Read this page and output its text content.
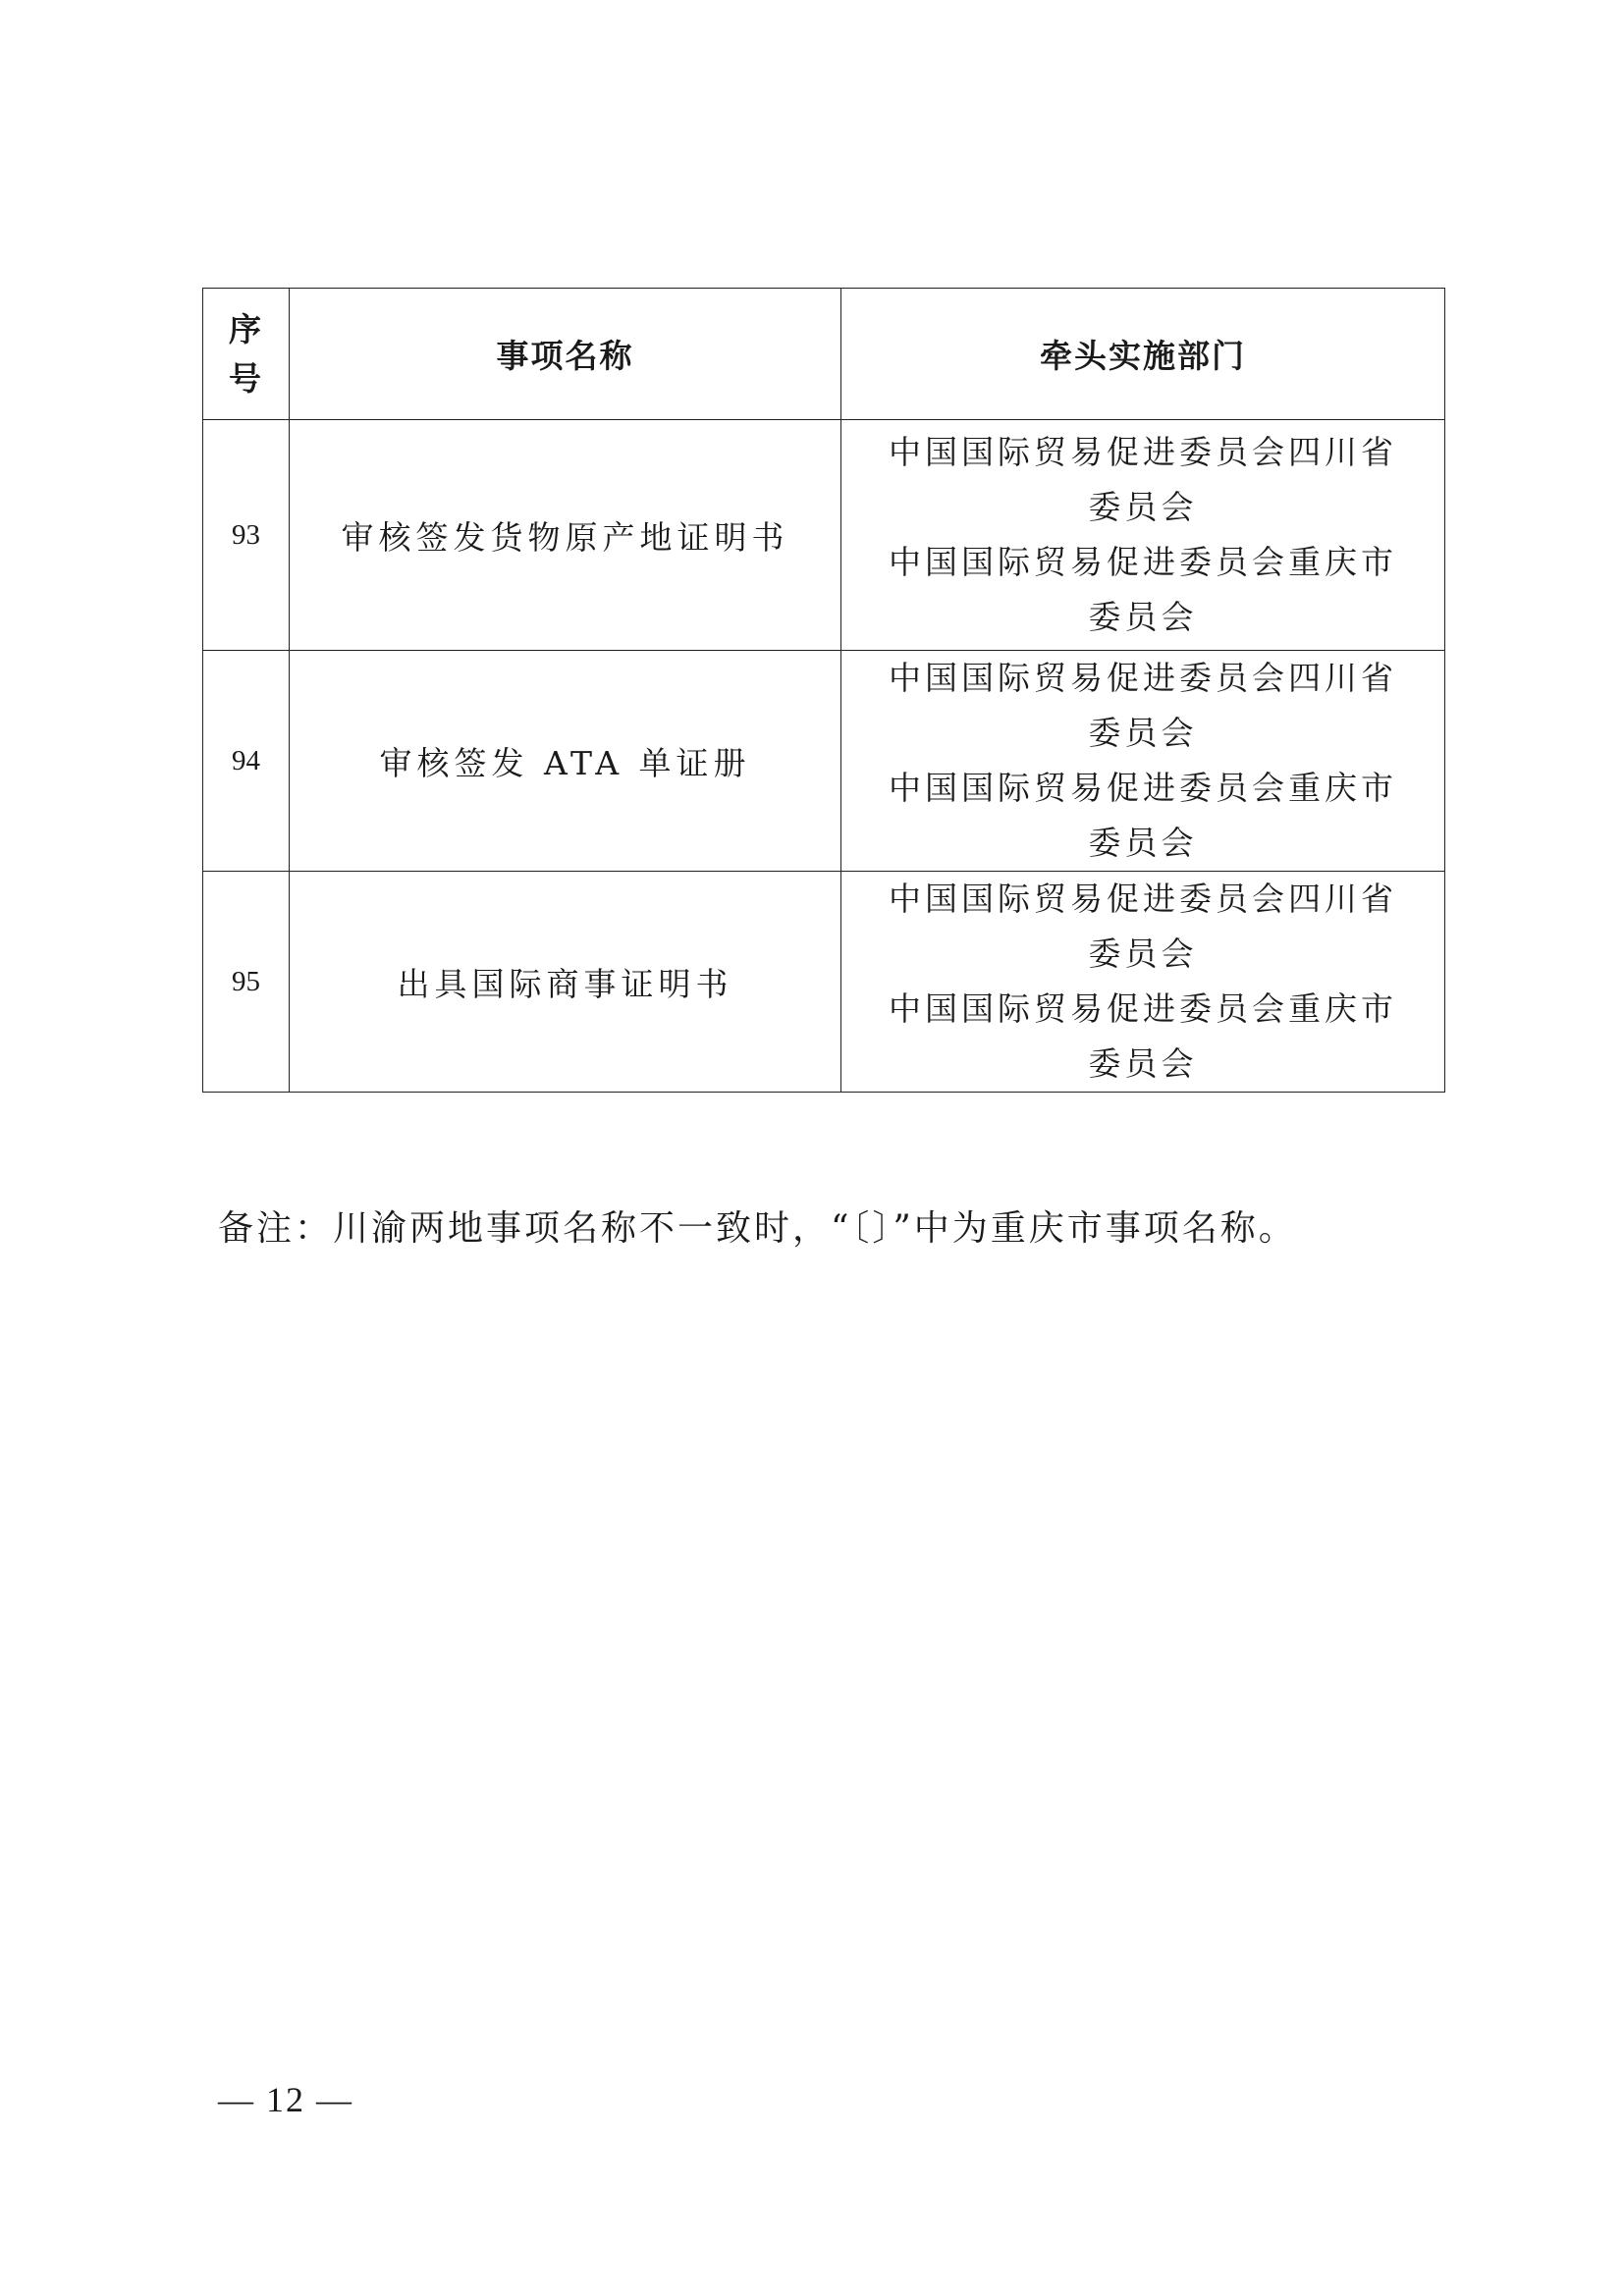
序
号	事项名称	牵头实施部门
93	审核签发货物原产地证明书	中国国际贸易促进委员会四川省
委员会
中国国际贸易促进委员会重庆市
委员会

94	审核签发 ATA 单证册	中国国际贸易促进委员会四川省
委员会
中国国际贸易促进委员会重庆市
委员会

95	出具国际商事证明书	中国国际贸易促进委员会四川省
委员会
中国国际贸易促进委员会重庆市
委员会
备注：川渝两地事项名称不一致时，“〔〕”中为重庆市事项名称。
— 12 —
